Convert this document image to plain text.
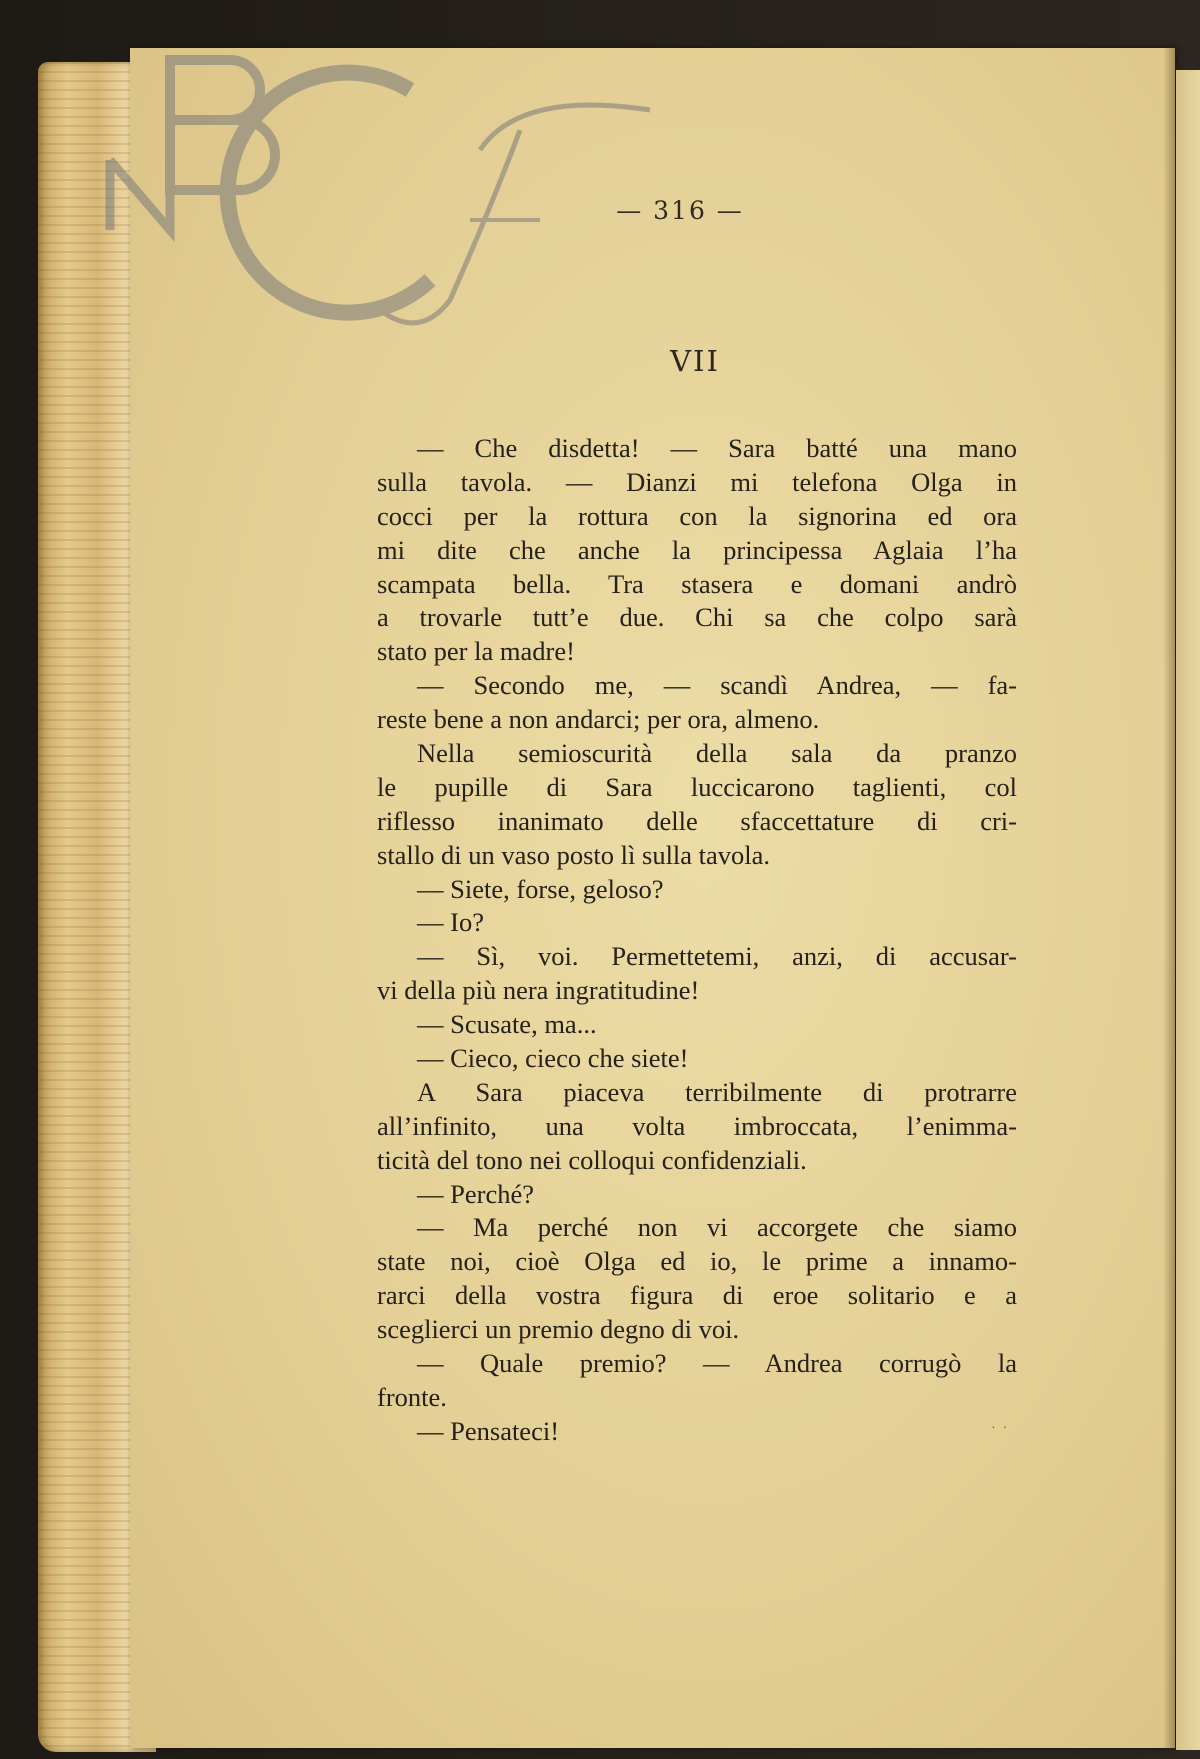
BNCF
— 316 —
VII
— Che disdetta! — Sara batté una mano
sulla tavola. — Dianzi mi telefona Olga in
cocci per la rottura con la signorina ed ora
mi dite che anche la principessa Aglaia l’ha
scampata bella. Tra stasera e domani andrò
a trovarle tutt’e due. Chi sa che colpo sarà
stato per la madre!
— Secondo me, — scandì Andrea, — fa-
reste bene a non andarci; per ora, almeno.
Nella semioscurità della sala da pranzo
le pupille di Sara luccicarono taglienti, col
riflesso inanimato delle sfaccettature di cri-
stallo di un vaso posto lì sulla tavola.
— Siete, forse, geloso?
— Io?
— Sì, voi. Permettetemi, anzi, di accusar-
vi della più nera ingratitudine!
— Scusate, ma...
— Cieco, cieco che siete!
A Sara piaceva terribilmente di protrarre
all’infinito, una volta imbroccata, l’enimma-
ticità del tono nei colloqui confidenziali.
— Perché?
— Ma perché non vi accorgete che siamo
state noi, cioè Olga ed io, le prime a innamo-
rarci della vostra figura di eroe solitario e a
sceglierci un premio degno di voi.
— Quale premio? — Andrea corrugò la
fronte.
— Pensateci!	˙ ˙
